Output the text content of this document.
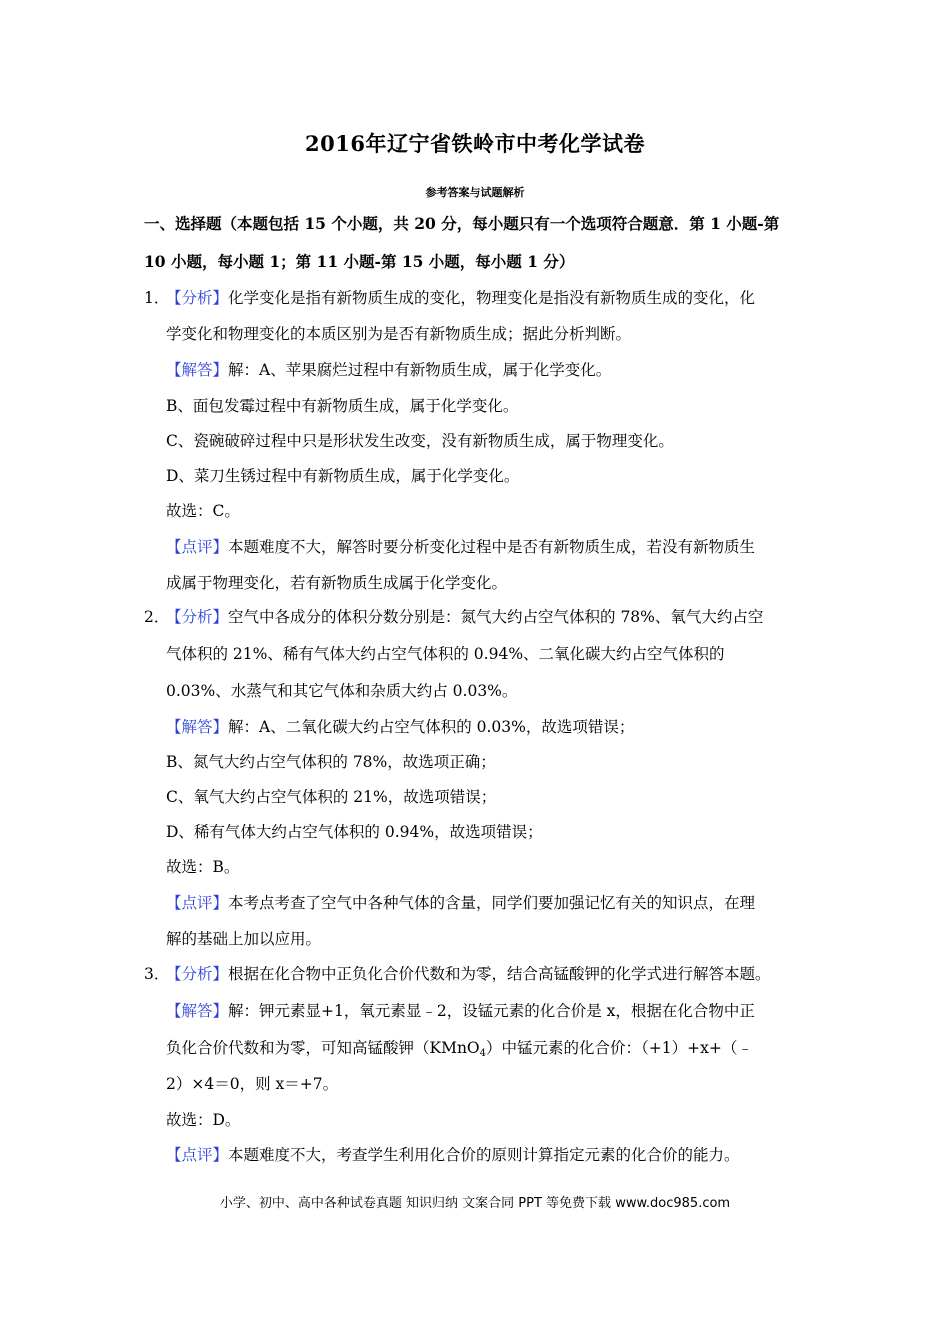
2016年辽宁省铁岭市中考化学试卷
参考答案与试题解析
一、选择题（本题包括 15 个小题，共 20 分，每小题只有一个选项符合题意．第 1 小题-第
10 小题，每小题 1；第 11 小题-第 15 小题，每小题 1 分）
1．
【分析】化学变化是指有新物质生成的变化，物理变化是指没有新物质生成的变化，化
学变化和物理变化的本质区别为是否有新物质生成；据此分析判断。
【解答】解：A、苹果腐烂过程中有新物质生成，属于化学变化。
B、面包发霉过程中有新物质生成，属于化学变化。
C、瓷碗破碎过程中只是形状发生改变，没有新物质生成，属于物理变化。
D、菜刀生锈过程中有新物质生成，属于化学变化。
故选：C。
【点评】本题难度不大，解答时要分析变化过程中是否有新物质生成，若没有新物质生
成属于物理变化，若有新物质生成属于化学变化。
2．
【分析】空气中各成分的体积分数分别是：氮气大约占空气体积的 78%、氧气大约占空
气体积的 21%、稀有气体大约占空气体积的 0.94%、二氧化碳大约占空气体积的
0.03%、水蒸气和其它气体和杂质大约占 0.03%。
【解答】解：A、二氧化碳大约占空气体积的 0.03%，故选项错误；
B、氮气大约占空气体积的 78%，故选项正确；
C、氧气大约占空气体积的 21%，故选项错误；
D、稀有气体大约占空气体积的 0.94%，故选项错误；
故选：B。
【点评】本考点考查了空气中各种气体的含量，同学们要加强记忆有关的知识点，在理
解的基础上加以应用。
3．
【分析】根据在化合物中正负化合价代数和为零，结合高锰酸钾的化学式进行解答本题。
【解答】解：钾元素显+1，氧元素显﹣2，设锰元素的化合价是 x，根据在化合物中正
负化合价代数和为零，可知高锰酸钾（KMnO$_4$）中锰元素的化合价：（+1）+x+（﹣
2）×4＝0，则 x＝+7。
故选：D。
【点评】本题难度不大，考查学生利用化合价的原则计算指定元素的化合价的能力。
小学、初中、高中各种试卷真题 知识归纳 文案合同 PPT 等免费下载 www.doc985.com
